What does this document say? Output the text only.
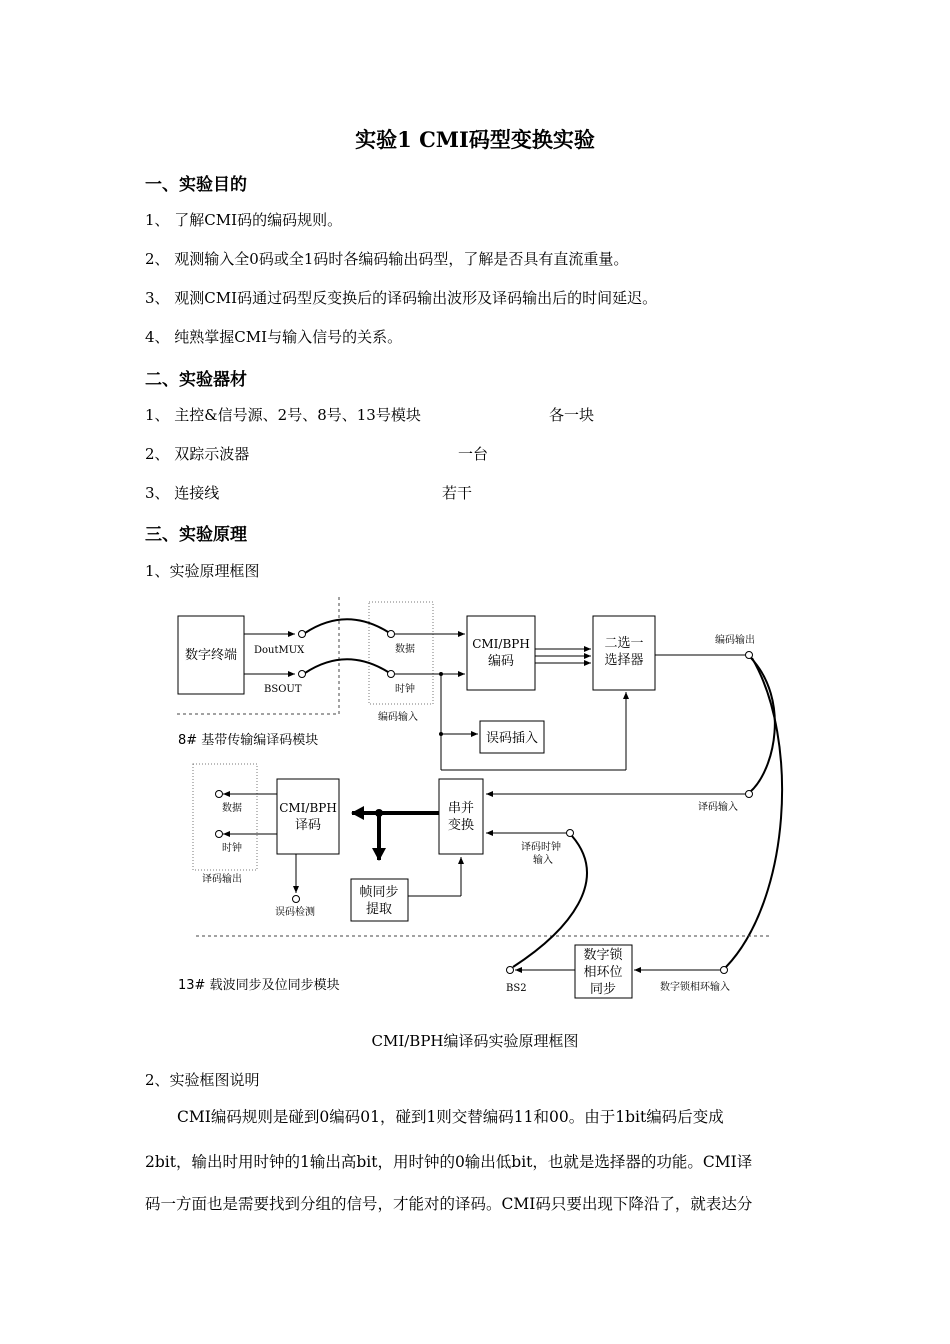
实验1 CMI码型变换实验
一、实验目的
1、 了解CMI码的编码规则。
2、 观测输入全0码或全1码时各编码输出码型，了解是否具有直流重量。
3、 观测CMI码通过码型反变换后的译码输出波形及译码输出后的时间延迟。
4、 纯熟掌握CMI与输入信号的关系。
二、实验器材
1、 主控&信号源、2号、8号、13号模块	各一块
2、 双踪示波器	一台
3、 连接线	若干
三、实验原理
1、实验原理框图
数字终端 DoutMUX
BSOUT
数据
时钟
编码输入
CMI/BPH
编码
二选一
选择器
编码输出
误码插入
8# 基带传输编译码模块
CMI/BPH
译码
串并
变换
译码输入
数据
时钟
译码输出
译码时钟
输入
帧同步
提取
误码检测
数字锁
相环位
同步
BS2	数字锁相环输入
13# 载波同步及位同步模块
CMI/BPH编译码实验原理框图
2、实验框图说明
CMI编码规则是碰到0编码01，碰到1则交替编码11和00。由于1bit编码后变成
2bit，输出时用时钟的1输出高bit，用时钟的0输出低bit，也就是选择器的功能。CMI译
码一方面也是需要找到分组的信号，才能对的译码。CMI码只要出现下降沿了，就表达分
